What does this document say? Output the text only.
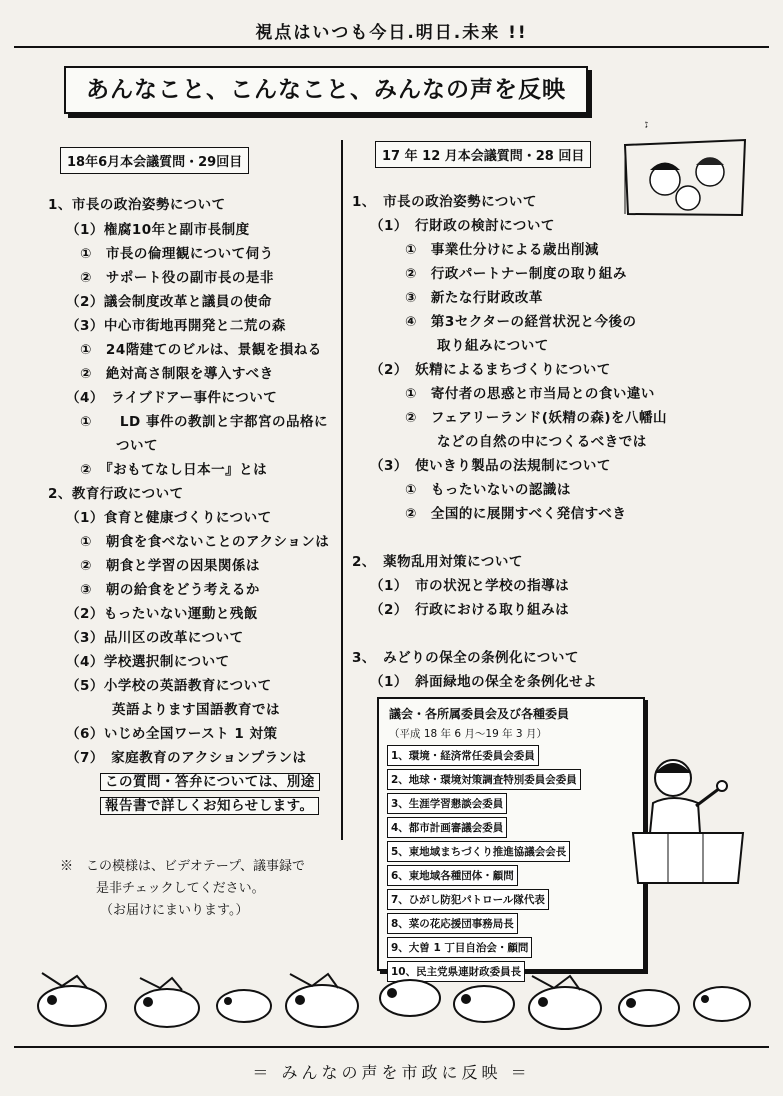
視点はいつも今日.明日.未来 !!
あんなこと、こんなこと、みんなの声を反映
♪
18年6月本会議質問・29回目	17 年 12 月本会議質問・28 回目
1、市長の政治姿勢について
（1）権腐10年と副市長制度
①　市長の倫理観について伺う
②　サポート役の副市長の是非
（2）議会制度改革と議員の使命
（3）中心市街地再開発と二荒の森
①　24階建てのビルは、景観を損ねる
②　絶対高さ制限を導入すべき
（4）　ライブドアー事件について
①　　LD 事件の教訓と宇都宮の品格に
ついて
②　『おもてなし日本一』とは
2、教育行政について
（1）食育と健康づくりについて
①　朝食を食べないことのアクションは
②　朝食と学習の因果関係は
③　朝の給食をどう考えるか
（2）もったいない運動と残飯
（3）品川区の改革について
（4）学校選択制について
（5）小学校の英語教育について
英語よります国語教育では
（6）いじめ全国ワースト 1 対策
（7）　家庭教育のアクションプランは
この質問・答弁については、別途
報告書で詳しくお知らせします。
1、　市長の政治姿勢について
（1）　行財政の検討について
①　事業仕分けによる歳出削減
②　行政パートナー制度の取り組み
③　新たな行財政改革
④　第3セクターの経営状況と今後の
取り組みについて
（2）　妖精によるまちづくりについて
①　寄付者の思惑と市当局との食い違い
②　フェアリーランド(妖精の森)を八幡山
などの自然の中につくるべきでは
（3）　使いきり製品の法規制について
①　もったいないの認識は
②　全国的に展開すべく発信すべき
2、　薬物乱用対策について
（1）　市の状況と学校の指導は
（2）　行政における取り組みは
3、　みどりの保全の条例化について
（1）　斜面緑地の保全を条例化せよ
※　この模様は、ビデオテープ、議事録で
是非チェックしてください。
（お届けにまいります。）
議会・各所属委員会及び各種委員
（平成 18 年 6 月～19 年 3 月）
1、環境・経済常任委員会委員
2、地球・環境対策調査特別委員会委員
3、生涯学習懇談会委員
4、都市計画審議会委員
5、東地域まちづくり推進協議会会長
6、東地域各種団体・顧問
7、ひがし防犯パトロール隊代表
8、菜の花応援団事務局長
9、大曽 1 丁目自治会・顧問
10、民主党県連財政委員長
＝ みんなの声を市政に反映 ＝
